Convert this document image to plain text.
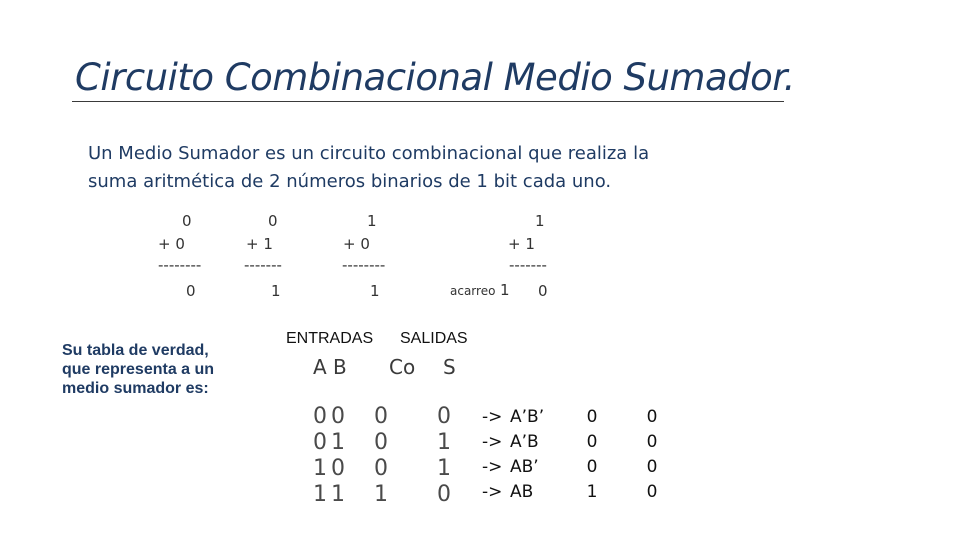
Circuito Combinacional Medio Sumador.
Un Medio Sumador es un circuito combinacional que realiza la
suma aritmética de 2 números binarios de 1 bit cada uno.
0
+ 0
--------
0
0
+ 1
-------
1
1
+ 0
--------
1
1
+ 1
-------
acarreo 1 0
Su tabla de verdad,
que representa a un
medio sumador es:
ENTRADAS SALIDAS
A B Co S
0 0 0 0
0 1 0 1
1 0 0 1
1 1 1 0
->
->
->
->
A’B’
A’B
AB’
AB
0
0
0
1
0
0
0
0
